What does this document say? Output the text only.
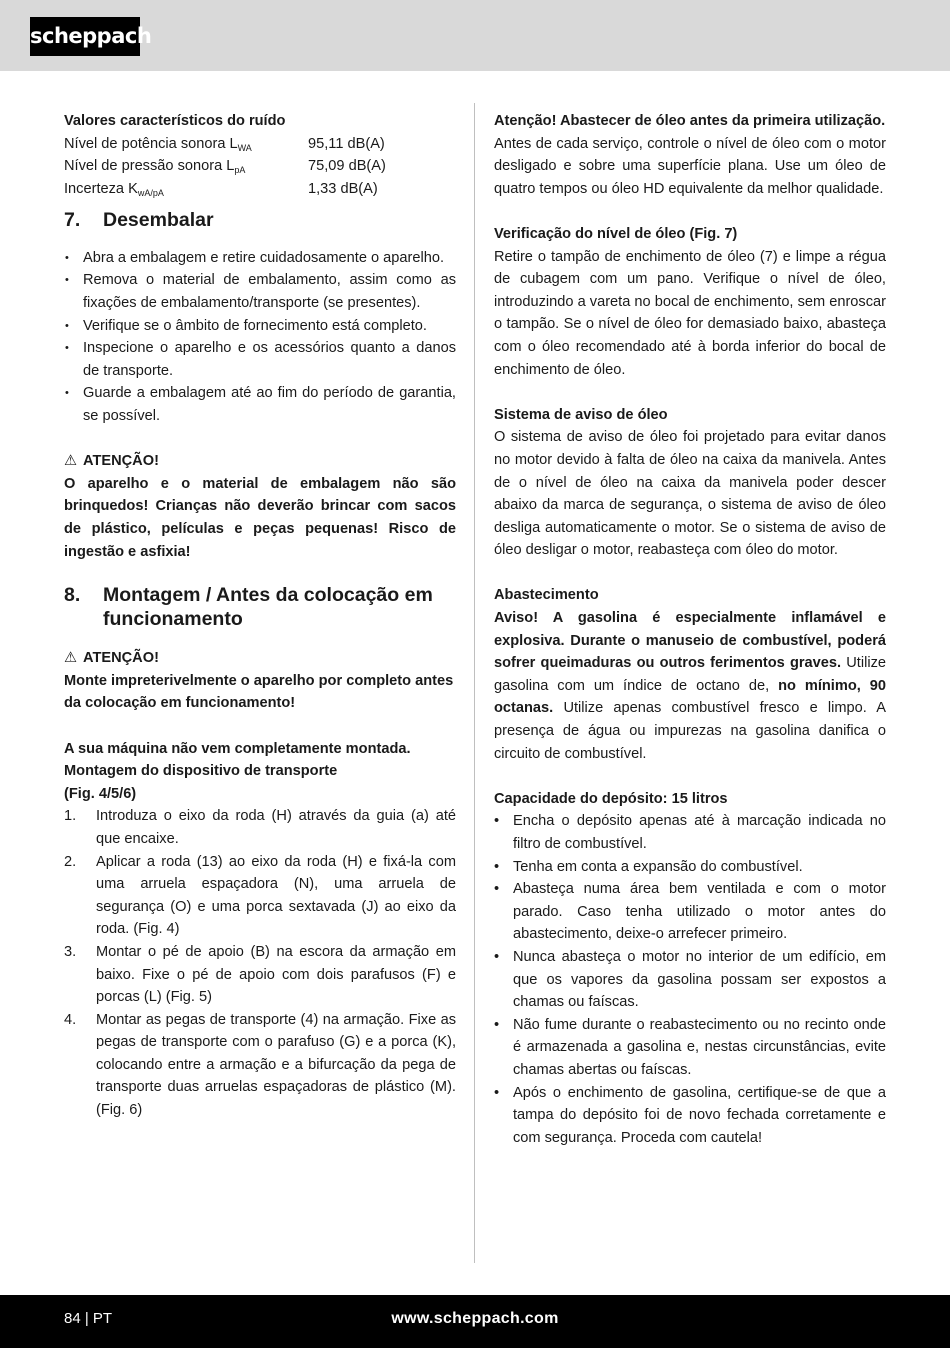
scheppach
Valores característicos do ruído
Nível de potência sonora $L_{WA}$	95,11 dB(A)
Nível de pressão sonora $L_{pA}$	75,09 dB(A)
Incerteza $K_{wA/pA}$	1,33 dB(A)
7.	Desembalar
• Abra a embalagem e retire cuidadosamente o aparelho.
• Remova o material de embalamento, assim como as fixações de embalamento/transporte (se presentes).
• Verifique se o âmbito de fornecimento está completo.
• Inspecione o aparelho e os acessórios quanto a danos de transporte.
• Guarde a embalagem até ao fim do período de garantia, se possível.
⚠ ATENÇÃO!
O aparelho e o material de embalagem não são brinquedos! Crianças não deverão brincar com sacos de plástico, películas e peças pequenas! Risco de ingestão e asfixia!
8.	Montagem / Antes da colocação em
funcionamento
⚠ ATENÇÃO!
Monte impreterivelmente o aparelho por completo antes da colocação em funcionamento!
A sua máquina não vem completamente montada.
Montagem do dispositivo de transporte
(Fig. 4/5/6)
1. Introduza o eixo da roda (H) através da guia (a) até que encaixe.
2. Aplicar a roda (13) ao eixo da roda (H) e fixá-la com uma arruela espaçadora (N), uma arruela de segurança (O) e uma porca sextavada (J) ao eixo da roda. (Fig. 4)
3. Montar o pé de apoio (B) na escora da armação em baixo. Fixe o pé de apoio com dois parafusos (F) e porcas (L) (Fig. 5)
4. Montar as pegas de transporte (4) na armação. Fixe as pegas de transporte com o parafuso (G) e a porca (K), colocando entre a armação e a bifurcação da pega de transporte duas arruelas espaçadoras de plástico (M). (Fig. 6)
Atenção! Abastecer de óleo antes da primeira utilização.
Antes de cada serviço, controle o nível de óleo com o motor desligado e sobre uma superfície plana. Use um óleo de quatro tempos ou óleo HD equivalente da melhor qualidade.
Verificação do nível de óleo (Fig. 7)
Retire o tampão de enchimento de óleo (7) e limpe a régua de cubagem com um pano. Verifique o nível de óleo, introduzindo a vareta no bocal de enchimento, sem enroscar o tampão. Se o nível de óleo for demasiado baixo, abasteça com o óleo recomendado até à borda inferior do bocal de enchimento de óleo.
Sistema de aviso de óleo
O sistema de aviso de óleo foi projetado para evitar danos no motor devido à falta de óleo na caixa da manivela. Antes de o nível de óleo na caixa da manivela poder descer abaixo da marca de segurança, o sistema de aviso de óleo desliga automaticamente o motor. Se o sistema de aviso de óleo desligar o motor, reabasteça com óleo do motor.
Abastecimento
Aviso! A gasolina é especialmente inflamável e explosiva. Durante o manuseio de combustível, poderá sofrer queimaduras ou outros ferimentos graves. Utilize gasolina com um índice de octano de, no mínimo, 90 octanas. Utilize apenas combustível fresco e limpo. A presença de água ou impurezas na gasolina danifica o circuito de combustível.
Capacidade do depósito: 15 litros
• Encha o depósito apenas até à marcação indicada no filtro de combustível.
• Tenha em conta a expansão do combustível.
• Abasteça numa área bem ventilada e com o motor parado. Caso tenha utilizado o motor antes do abastecimento, deixe-o arrefecer primeiro.
• Nunca abasteça o motor no interior de um edifício, em que os vapores da gasolina possam ser expostos a chamas ou faíscas.
• Não fume durante o reabastecimento ou no recinto onde é armazenada a gasolina e, nestas circunstâncias, evite chamas abertas ou faíscas.
• Após o enchimento de gasolina, certifique-se de que a tampa do depósito foi de novo fechada corretamente e com segurança. Proceda com cautela!
84 | PT	www.scheppach.com
